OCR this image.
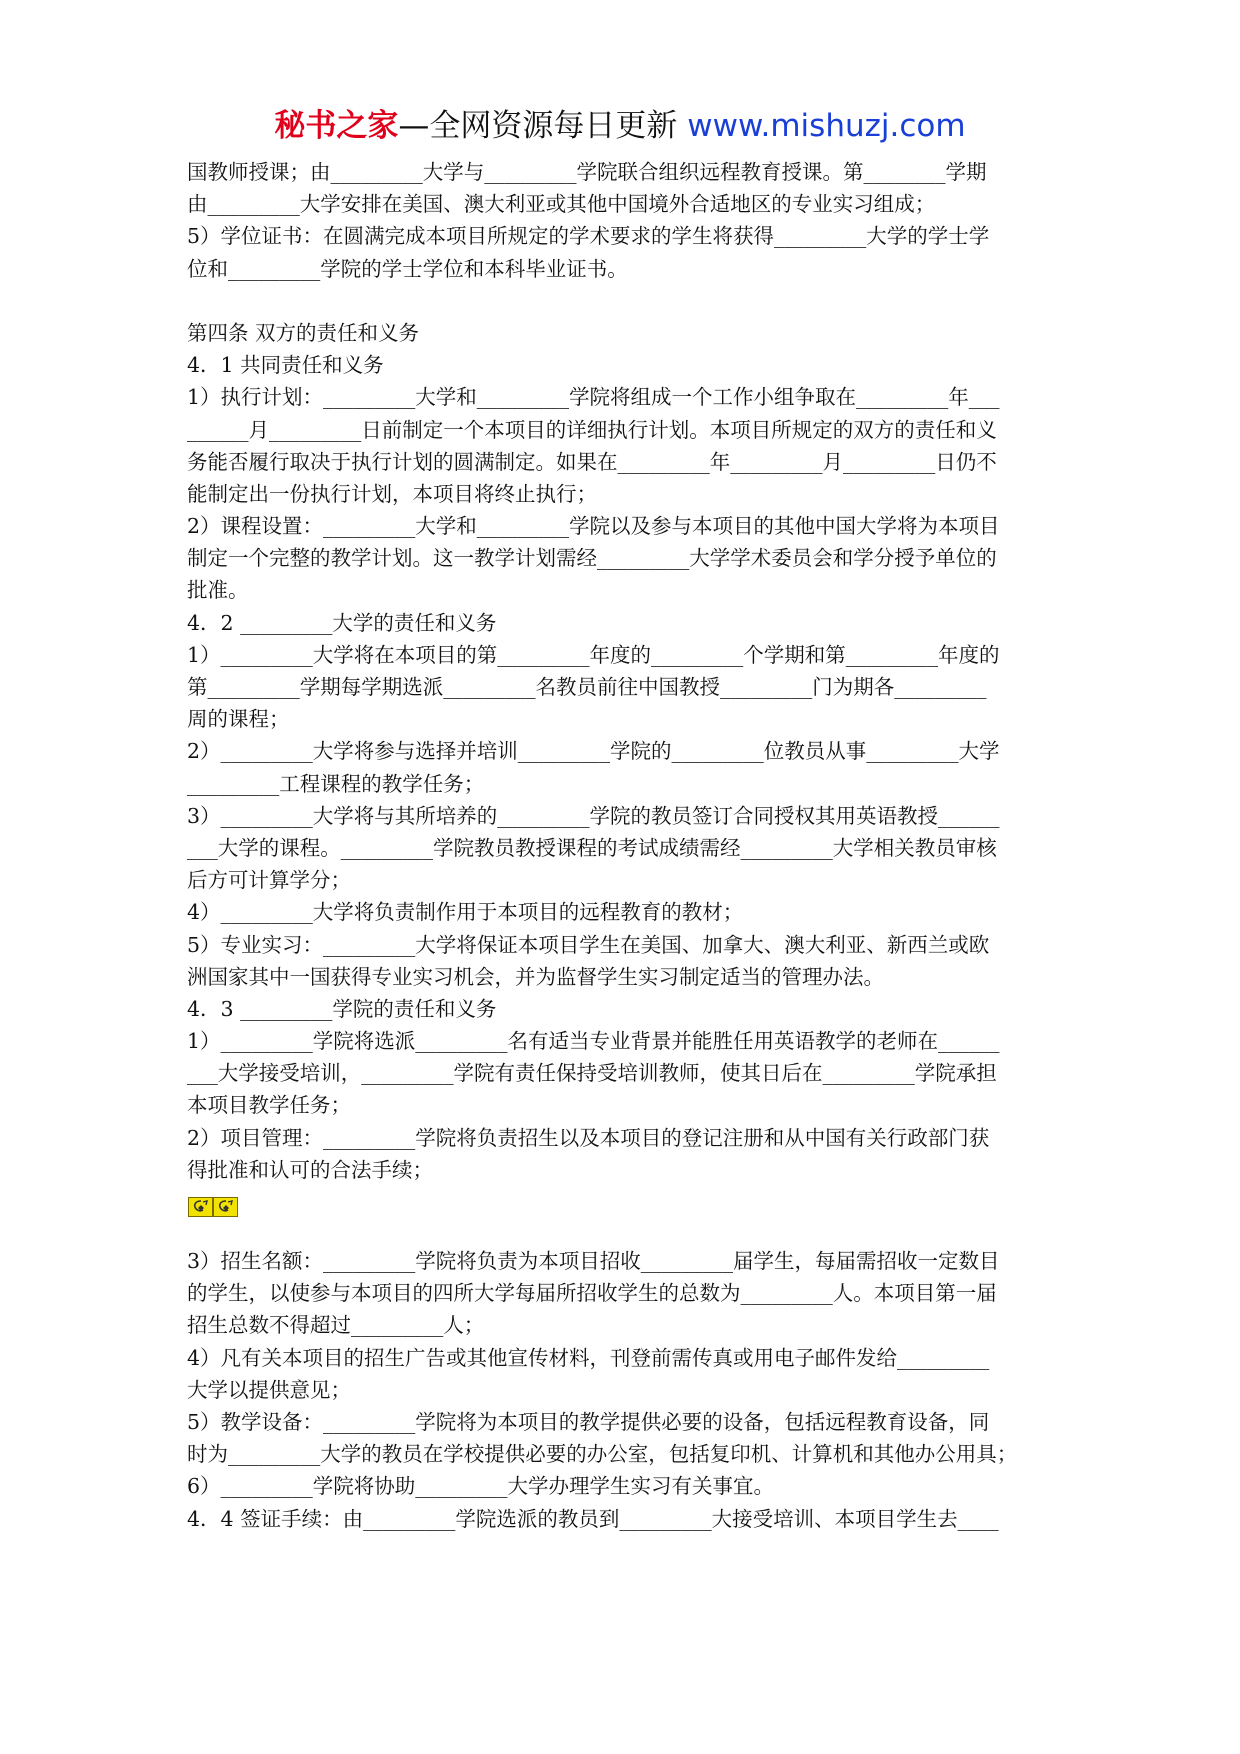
秘书之家—全网资源每日更新 www.mishuzj.com
国教师授课；由_________大学与_________学院联合组织远程教育授课。第________学期
由_________大学安排在美国、澳大利亚或其他中国境外合适地区的专业实习组成；
5）学位证书：在圆满完成本项目所规定的学术要求的学生将获得_________大学的学士学
位和_________学院的学士学位和本科毕业证书。
第四条 双方的责任和义务
4．1 共同责任和义务
1）执行计划：_________大学和_________学院将组成一个工作小组争取在_________年___
______月_________日前制定一个本项目的详细执行计划。本项目所规定的双方的责任和义
务能否履行取决于执行计划的圆满制定。如果在_________年_________月_________日仍不
能制定出一份执行计划，本项目将终止执行；
2）课程设置：_________大学和_________学院以及参与本项目的其他中国大学将为本项目
制定一个完整的教学计划。这一教学计划需经_________大学学术委员会和学分授予单位的
批准。
4．2 _________大学的责任和义务
1）_________大学将在本项目的第_________年度的_________个学期和第_________年度的
第_________学期每学期选派_________名教员前往中国教授_________门为期各_________
周的课程；
2）_________大学将参与选择并培训_________学院的_________位教员从事_________大学
_________工程课程的教学任务；
3）_________大学将与其所培养的_________学院的教员签订合同授权其用英语教授______
___大学的课程。_________学院教员教授课程的考试成绩需经_________大学相关教员审核
后方可计算学分；
4）_________大学将负责制作用于本项目的远程教育的教材；
5）专业实习：_________大学将保证本项目学生在美国、加拿大、澳大利亚、新西兰或欧
洲国家其中一国获得专业实习机会，并为监督学生实习制定适当的管理办法。
4．3 _________学院的责任和义务
1）_________学院将选派_________名有适当专业背景并能胜任用英语教学的老师在______
___大学接受培训，_________学院有责任保持受培训教师，使其日后在_________学院承担
本项目教学任务；
2）项目管理：_________学院将负责招生以及本项目的登记注册和从中国有关行政部门获
得批准和认可的合法手续；
3）招生名额：_________学院将负责为本项目招收_________届学生，每届需招收一定数目
的学生，以使参与本项目的四所大学每届所招收学生的总数为_________人。本项目第一届
招生总数不得超过_________人；
4）凡有关本项目的招生广告或其他宣传材料，刊登前需传真或用电子邮件发给_________
大学以提供意见；
5）教学设备：_________学院将为本项目的教学提供必要的设备，包括远程教育设备，同
时为_________大学的教员在学校提供必要的办公室，包括复印机、计算机和其他办公用具；
6）_________学院将协助_________大学办理学生实习有关事宜。
4．4 签证手续：由_________学院选派的教员到_________大接受培训、本项目学生去____
